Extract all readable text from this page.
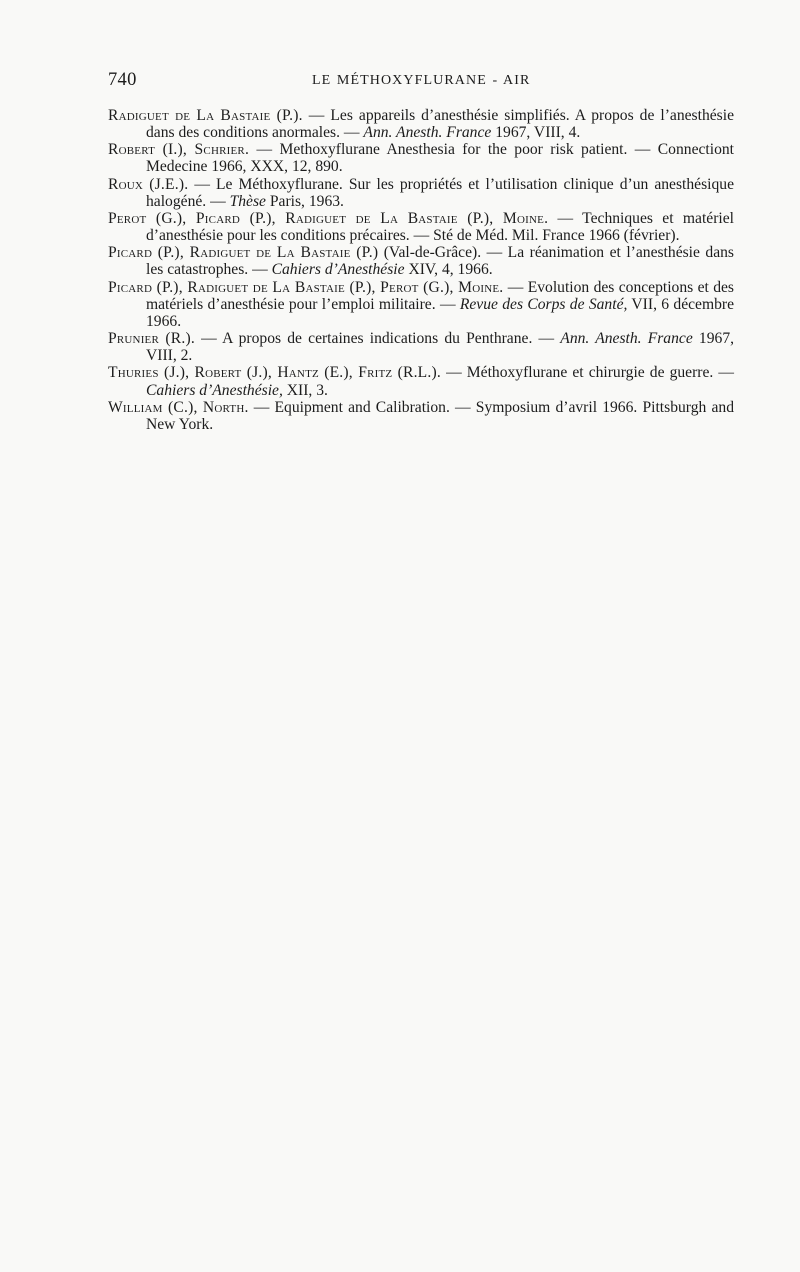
740	LE MÉTHOXYFLURANE - AIR

Radiguet de La Bastaie (P.). — Les appareils d’anesthésie simplifiés. A propos de l’anesthésie dans des conditions anormales. — Ann. Anesth. France 1967, VIII, 4.

Robert (I.), Schrier. — Methoxyflurane Anesthesia for the poor risk patient. — Connectiont Medecine 1966, XXX, 12, 890.

Roux (J.E.). — Le Méthoxyflurane. Sur les propriétés et l’utilisation clinique d’un anesthésique halogéné. — Thèse Paris, 1963.

Perot (G.), Picard (P.), Radiguet de La Bastaie (P.), Moine. — Techniques et matériel d’anesthésie pour les conditions précaires. — Sté de Méd. Mil. France 1966 (février).

Picard (P.), Radiguet de La Bastaie (P.) (Val-de-Grâce). — La réanimation et l’anesthésie dans les catastrophes. — Cahiers d’Anesthésie XIV, 4, 1966.

Picard (P.), Radiguet de La Bastaie (P.), Perot (G.), Moine. — Evolution des conceptions et des matériels d’anesthésie pour l’emploi militaire. — Revue des Corps de Santé, VII, 6 décembre 1966.

Prunier (R.). — A propos de certaines indications du Penthrane. — Ann. Anesth. France 1967, VIII, 2.

Thuries (J.), Robert (J.), Hantz (E.), Fritz (R.L.). — Méthoxyflurane et chirurgie de guerre. — Cahiers d’Anesthésie, XII, 3.

William (C.), North. — Equipment and Calibration. — Symposium d’avril 1966. Pittsburgh and New York.
